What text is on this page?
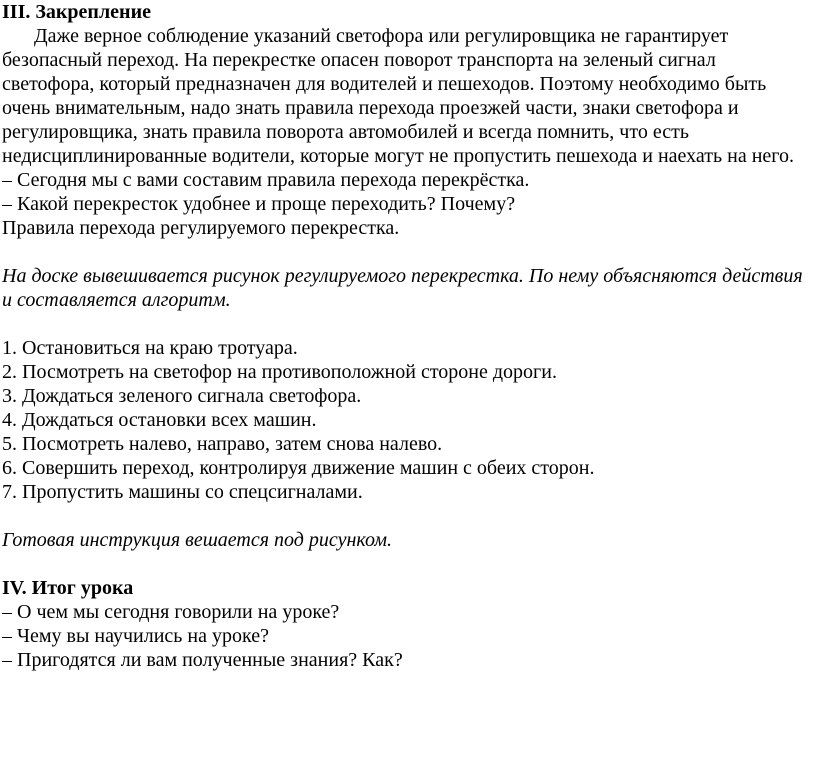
III. Закрепление

Даже верное соблюдение указаний светофора или регулировщика не гарантирует безопасный переход. На перекрестке опасен поворот транспорта на зеленый сигнал светофора, который предназначен для водителей и пешеходов. Поэтому необходимо быть очень внимательным, надо знать правила перехода проезжей части, знаки светофора и регулировщика, знать правила поворота автомобилей и всегда помнить, что есть недисциплинированные водители, которые могут не пропустить пешехода и наехать на него.

– Сегодня мы с вами составим правила перехода перекрёстка.

– Какой перекресток удобнее и проще переходить? Почему?

Правила перехода регулируемого перекрестка.

На доске вывешивается рисунок регулируемого перекрестка. По нему объясняются действия и составляется алгоритм.

1. Остановиться на краю тротуара.

2. Посмотреть на светофор на противоположной стороне дороги.

3. Дождаться зеленого сигнала светофора.

4. Дождаться остановки всех машин.

5. Посмотреть налево, направо, затем снова налево.

6. Совершить переход, контролируя движение машин с обеих сторон.

7. Пропустить машины со спецсигналами.

Готовая инструкция вешается под рисунком.

IV. Итог урока

– О чем мы сегодня говорили на уроке?

– Чему вы научились на уроке?

– Пригодятся ли вам полученные знания? Как?
